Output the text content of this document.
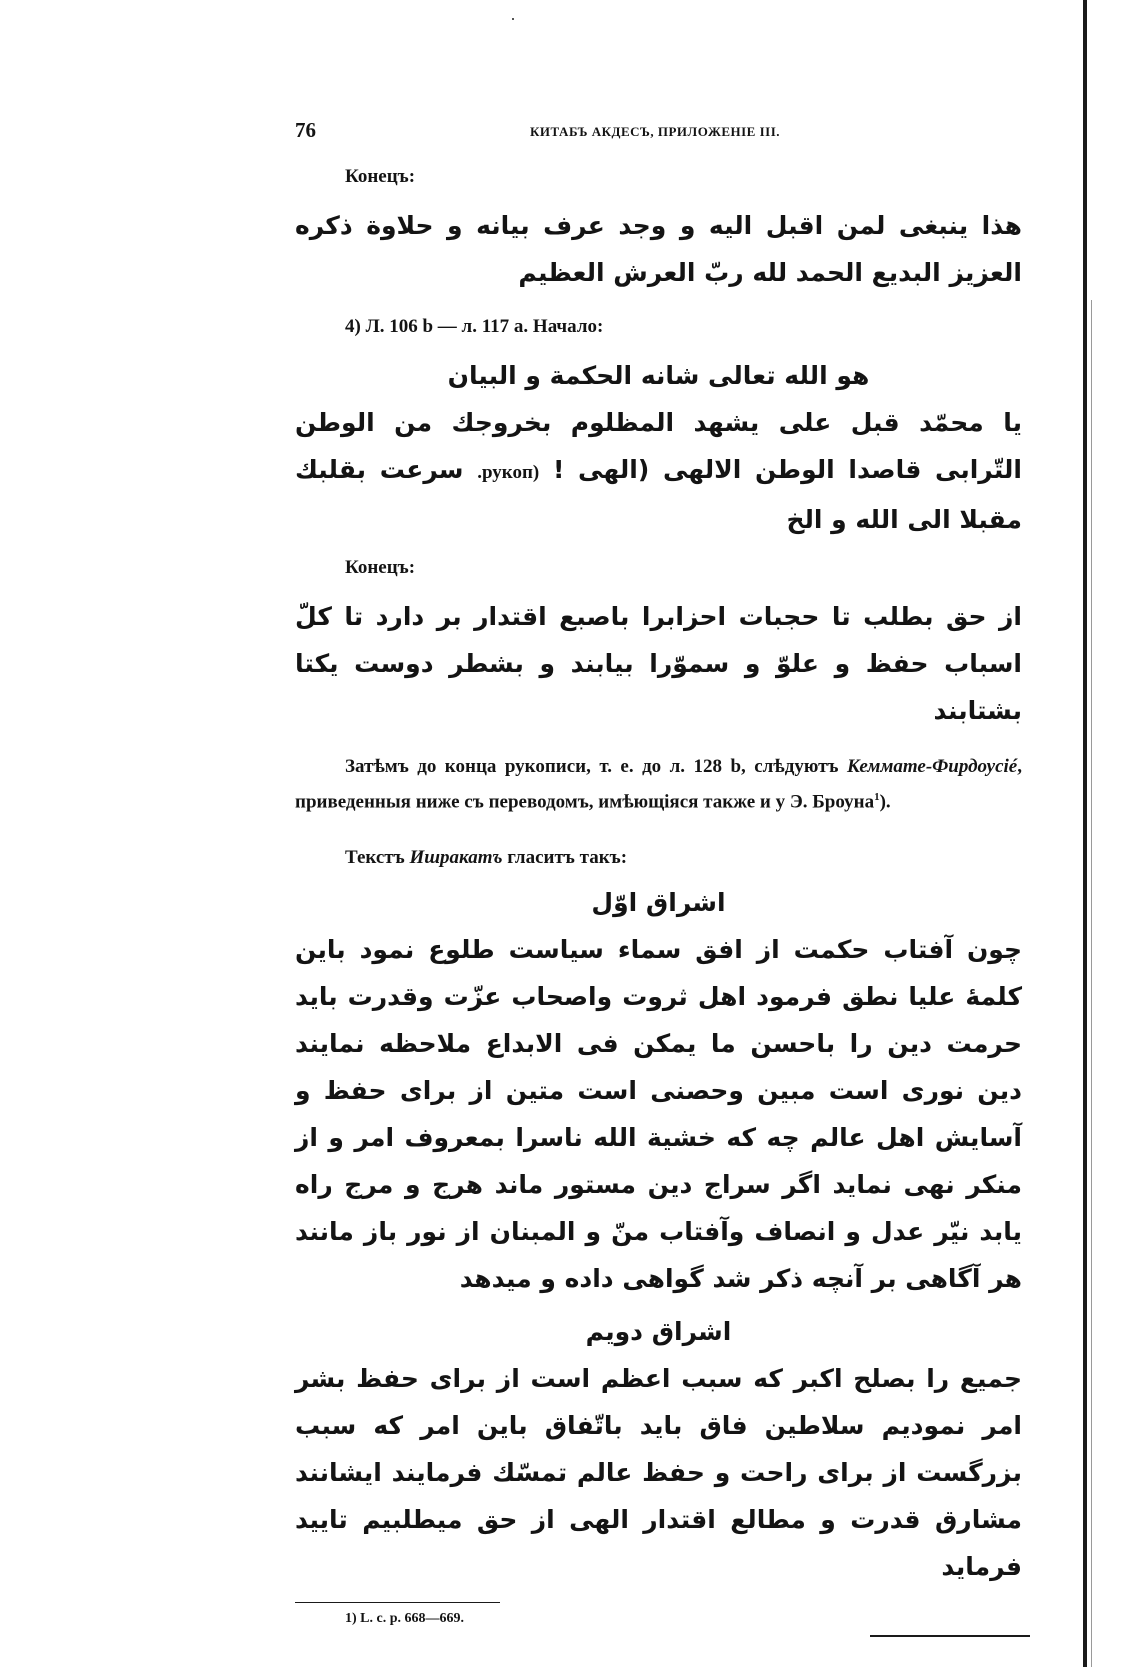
76	КИТАБЪ АКДЕСЪ, ПРИЛОЖЕНІЕ III.
Конецъ:

هذا ينبغی لمن اقبل اليه و وجد عرف بيانه و حلاوة ذكره العزيز البديع الحمد لله ربّ العرش العظيم

4) Л. 106 b — л. 117 a. Начало:
هو الله تعالی شانه الحكمة و البيان

يا محمّد قبل علی يشهد المظلوم بخروجك من الوطن التّرابی قاصدا الوطن الالهی (الهی ! (рукоп. سرعت بقلبك مقبلا الی الله و الخ

Конецъ:

از حق بطلب تا حجبات احزابرا باصبع اقتدار بر دارد تا كلّ اسباب حفظ و علوّ و سموّرا بيابند و بشطر دوست يكتا بشتابند

Затѣмъ до конца рукописи, т. е. до л. 128 b, слѣдуютъ Кеммате-Фирдоусіé, приведенныя ниже съ переводомъ, имѣющіяся также и у Э. Броуна$^1$).

Текстъ Ишракатъ гласитъ такъ:
اشراق اوّل

چون آفتاب حكمت از افق سماء سياست طلوع نمود باين كلمهٔ عليا نطق فرمود اهل ثروت واصحاب عزّت وقدرت بايد حرمت دين را باحسن ما يمكن فی الابداع ملاحظه نمايند دين نوری است مبين وحصنی است متين از برای حفظ و آسايش اهل عالم چه كه خشية الله ناسرا بمعروف امر و از منكر نهی نمايد اگر سراج دين مستور ماند هرج و مرج راه يابد نيّر عدل و انصاف وآفتاب منّ و المبنان از نور باز مانند هر آگاهی بر آنچه ذكر شد گواهی داده و ميدهد

اشراق دويم

جميع را بصلح اكبر كه سبب اعظم است از برای حفظ بشر امر نموديم سلاطين فاق بايد باتّفاق باين امر كه سبب بزرگست از برای راحت و حفظ عالم تمسّك فرمايند ايشانند مشارق قدرت و مطالع اقتدار الهی از حق ميطلبيم تاييد فرمايد

1) L. c. p. 668—669.
